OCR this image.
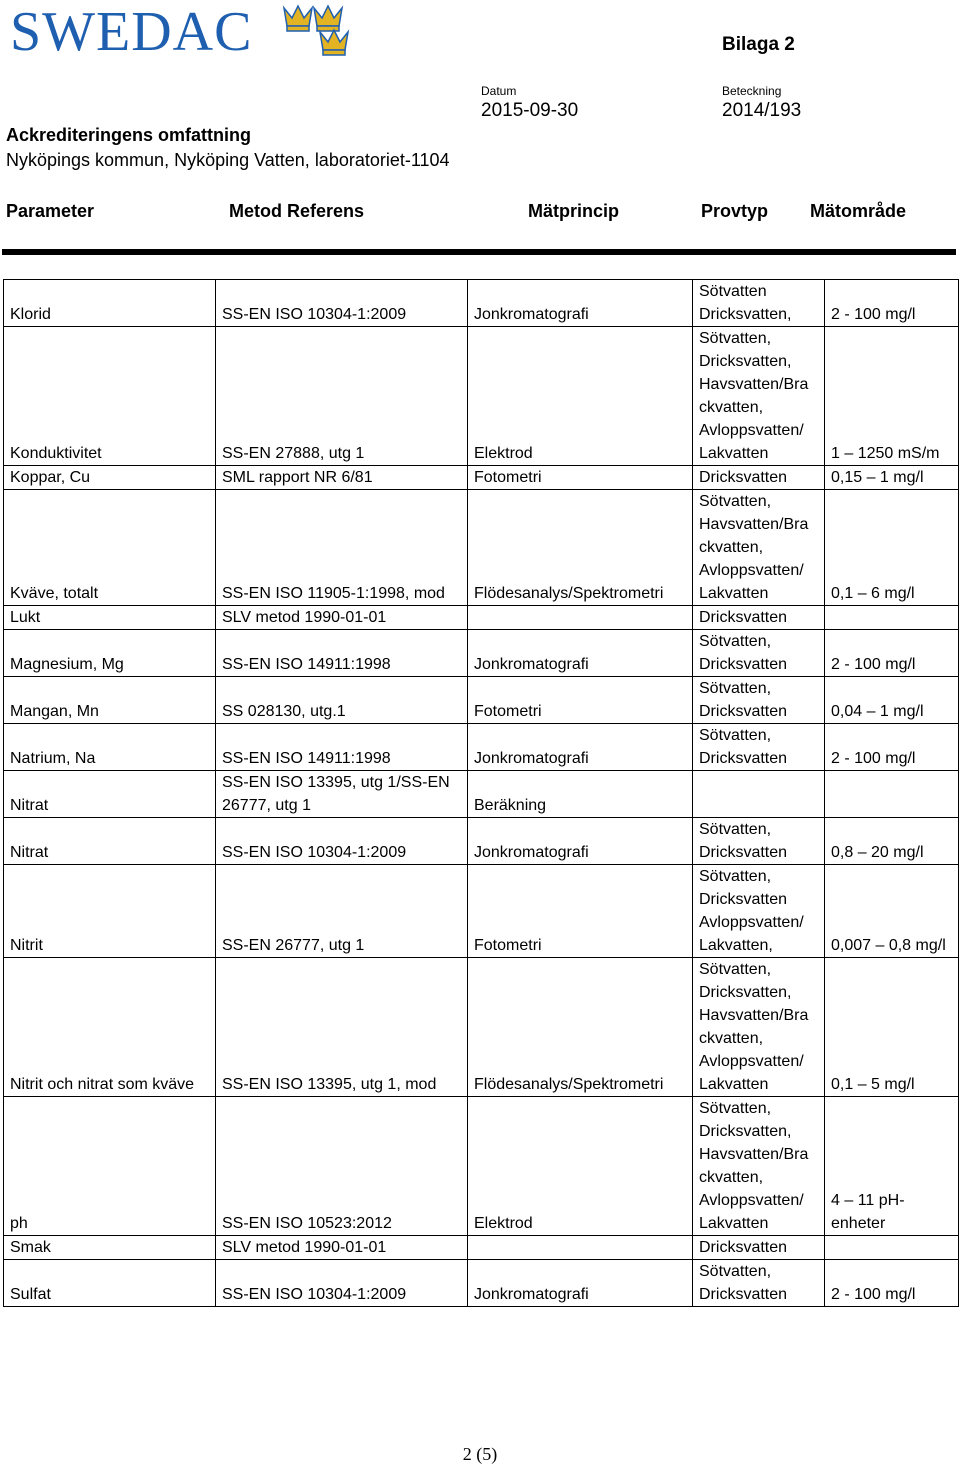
SWEDAC	Bilaga 2
Datum
2015-09-30
Beteckning
2014/193
Ackrediteringens omfattning
Nyköpings kommun, Nyköping Vatten, laboratoriet-1104
Parameter	Metod Referens	Mätprincip	Provtyp Mätområde
Klorid	SS-EN ISO 10304-1:2009	Jonkromatografi	Sötvatten Dricksvatten,	2 - 100 mg/l
Konduktivitet	SS-EN 27888, utg 1	Elektrod	Sötvatten, Dricksvatten, Havsvatten/Bra ckvatten, Avloppsvatten/ Lakvatten	1 – 1250 mS/m
Koppar, Cu	SML rapport NR 6/81	Fotometri	Dricksvatten	0,15 – 1 mg/l
Kväve, totalt	SS-EN ISO 11905-1:1998, mod	Flödesanalys/Spektrometri	Sötvatten, Havsvatten/Bra ckvatten, Avloppsvatten/ Lakvatten	0,1 – 6 mg/l
Lukt	SLV metod 1990-01-01		Dricksvatten	
Magnesium, Mg	SS-EN ISO 14911:1998	Jonkromatografi	Sötvatten, Dricksvatten	2 - 100 mg/l
Mangan, Mn	SS 028130, utg.1	Fotometri	Sötvatten, Dricksvatten	0,04 – 1 mg/l
Natrium, Na	SS-EN ISO 14911:1998	Jonkromatografi	Sötvatten, Dricksvatten	2 - 100 mg/l
Nitrat	SS-EN ISO 13395, utg 1/SS-EN 26777, utg 1	Beräkning		
Nitrat	SS-EN ISO 10304-1:2009	Jonkromatografi	Sötvatten, Dricksvatten	0,8 – 20 mg/l
Nitrit	SS-EN 26777, utg 1	Fotometri	Sötvatten, Dricksvatten Avloppsvatten/ Lakvatten,	0,007 – 0,8 mg/l
Nitrit och nitrat som kväve	SS-EN ISO 13395, utg 1, mod	Flödesanalys/Spektrometri	Sötvatten, Dricksvatten, Havsvatten/Bra ckvatten, Avloppsvatten/ Lakvatten	0,1 – 5 mg/l
ph	SS-EN ISO 10523:2012	Elektrod	Sötvatten, Dricksvatten, Havsvatten/Bra ckvatten, Avloppsvatten/ Lakvatten	4 – 11 pH- enheter
Smak	SLV metod 1990-01-01		Dricksvatten	
Sulfat	SS-EN ISO 10304-1:2009	Jonkromatografi	Sötvatten, Dricksvatten	2 - 100 mg/l
2 (5)
